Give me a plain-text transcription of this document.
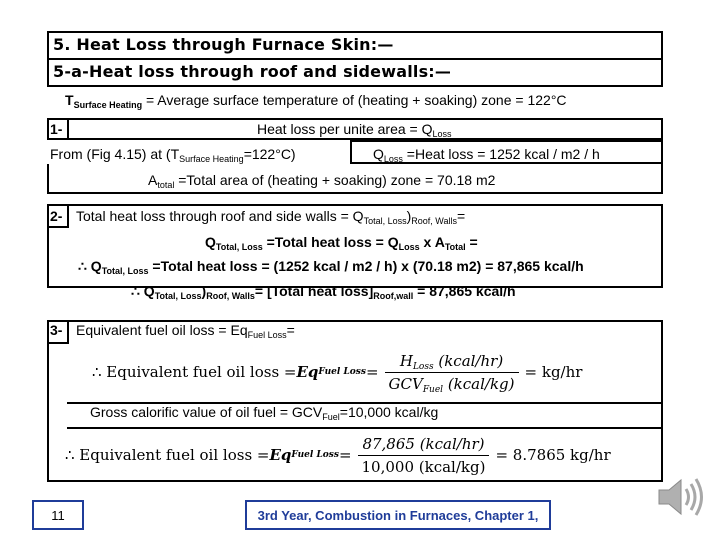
5. Heat Loss through Furnace Skin:—
5-a-Heat loss through roof and sidewalls:—
$T_{Surface Heating}$ = Average surface temperature of (heating + soaking) zone = 122°C
1-	Heat loss per unite area = $Q_{Loss}$
From (Fig 4.15) at $(T_{Surface Heating}=122^\circ C)$	$Q_{Loss}$ =Heat loss = 1252 kcal / m2 / h
$A_{total}$ =Total area of (heating + soaking) zone = 70.18 m2
2- Total heat loss through roof and side walls = $Q_{Total, Loss})_{Roof, Walls}=$
$Q_{Total, Loss}$ =Total heat loss = $Q_{Loss}$ x $A_{Total}$ =
∴ $Q_{Total, Loss}$ =Total heat loss = (1252 kcal / m2 / h) x (70.18 m2) = 87,865 kcal/h
∴ $Q_{Total, Loss})_{Roof, Walls}=$ [Total heat $loss]_{Roof,wall} = 87,865$ kcal/h
3- Equivalent fuel oil loss = $Eq_{Fuel Loss}=$
∴ Equivalent fuel oil loss = Eq Fuel Loss = $\frac{H_{Loss} (kcal/hr)}{GCV_{Fuel} (kcal/kg)} = kg/hr$
Gross calorific value of oil fuel = $GCV_{Fuel}=10,000$ kcal/kg
∴ Equivalent fuel oil loss = Eq Fuel Loss = $\frac{\text{87,865 (kcal/hr)}}{\text{10,000 (kcal/kg)}} = 8.7865$ kg/hr
11	3rd Year, Combustion in Furnaces, Chapter 1,
